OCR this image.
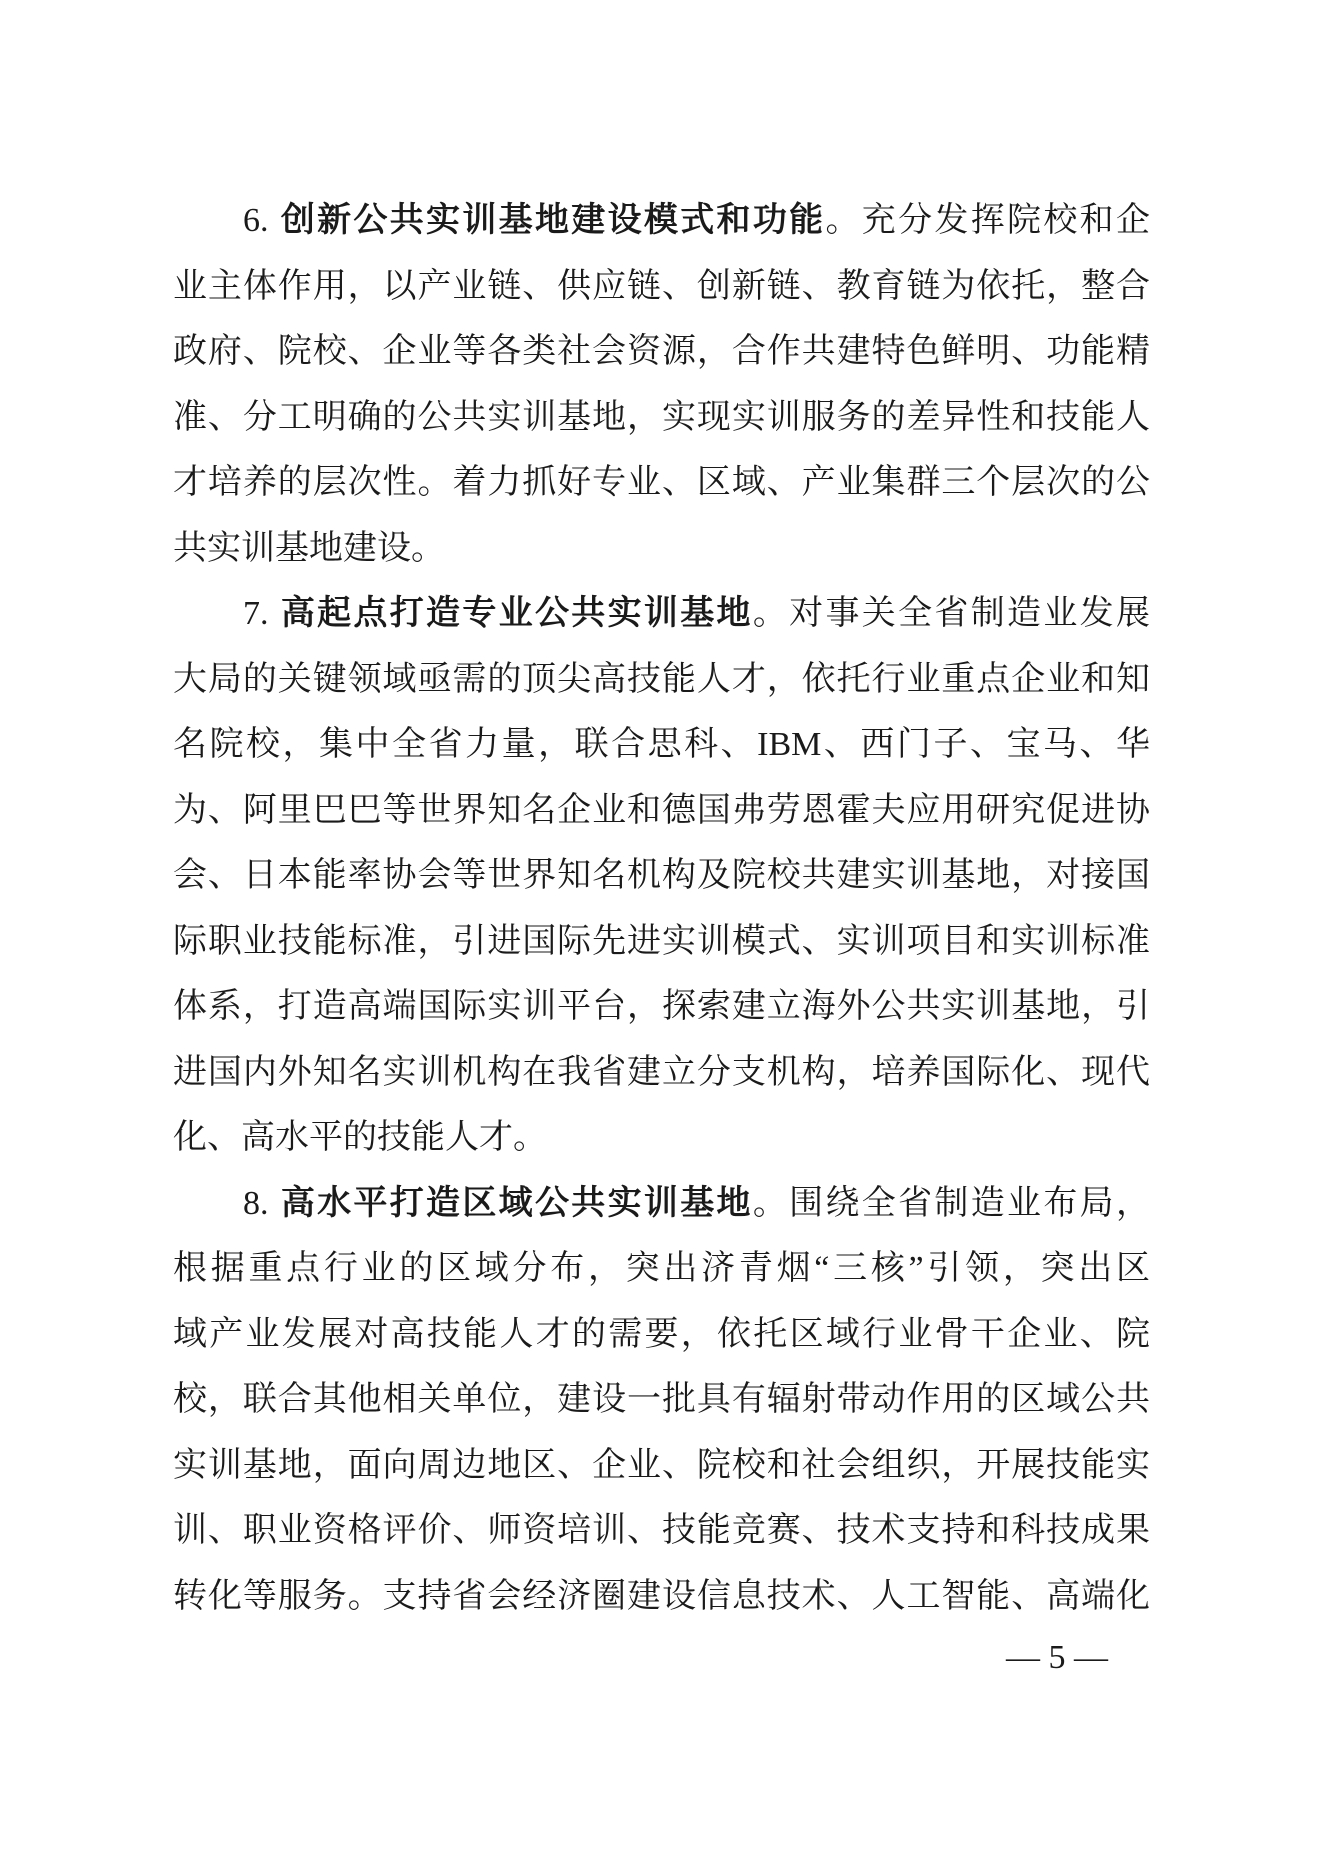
6. 创新公共实训基地建设模式和功能。充分发挥院校和企
业主体作用，以产业链、供应链、创新链、教育链为依托，整合
政府、院校、企业等各类社会资源，合作共建特色鲜明、功能精
准、分工明确的公共实训基地，实现实训服务的差异性和技能人
才培养的层次性。着力抓好专业、区域、产业集群三个层次的公
共实训基地建设。
7. 高起点打造专业公共实训基地。对事关全省制造业发展
大局的关键领域亟需的顶尖高技能人才，依托行业重点企业和知
名院校，集中全省力量，联合思科、IBM、西门子、宝马、华
为、阿里巴巴等世界知名企业和德国弗劳恩霍夫应用研究促进协
会、日本能率协会等世界知名机构及院校共建实训基地，对接国
际职业技能标准，引进国际先进实训模式、实训项目和实训标准
体系，打造高端国际实训平台，探索建立海外公共实训基地，引
进国内外知名实训机构在我省建立分支机构，培养国际化、现代
化、高水平的技能人才。
8. 高水平打造区域公共实训基地。围绕全省制造业布局，
根据重点行业的区域分布，突出济青烟“三核”引领，突出区
域产业发展对高技能人才的需要，依托区域行业骨干企业、院
校，联合其他相关单位，建设一批具有辐射带动作用的区域公共
实训基地，面向周边地区、企业、院校和社会组织，开展技能实
训、职业资格评价、师资培训、技能竞赛、技术支持和科技成果
转化等服务。支持省会经济圈建设信息技术、人工智能、高端化
— 5 —
